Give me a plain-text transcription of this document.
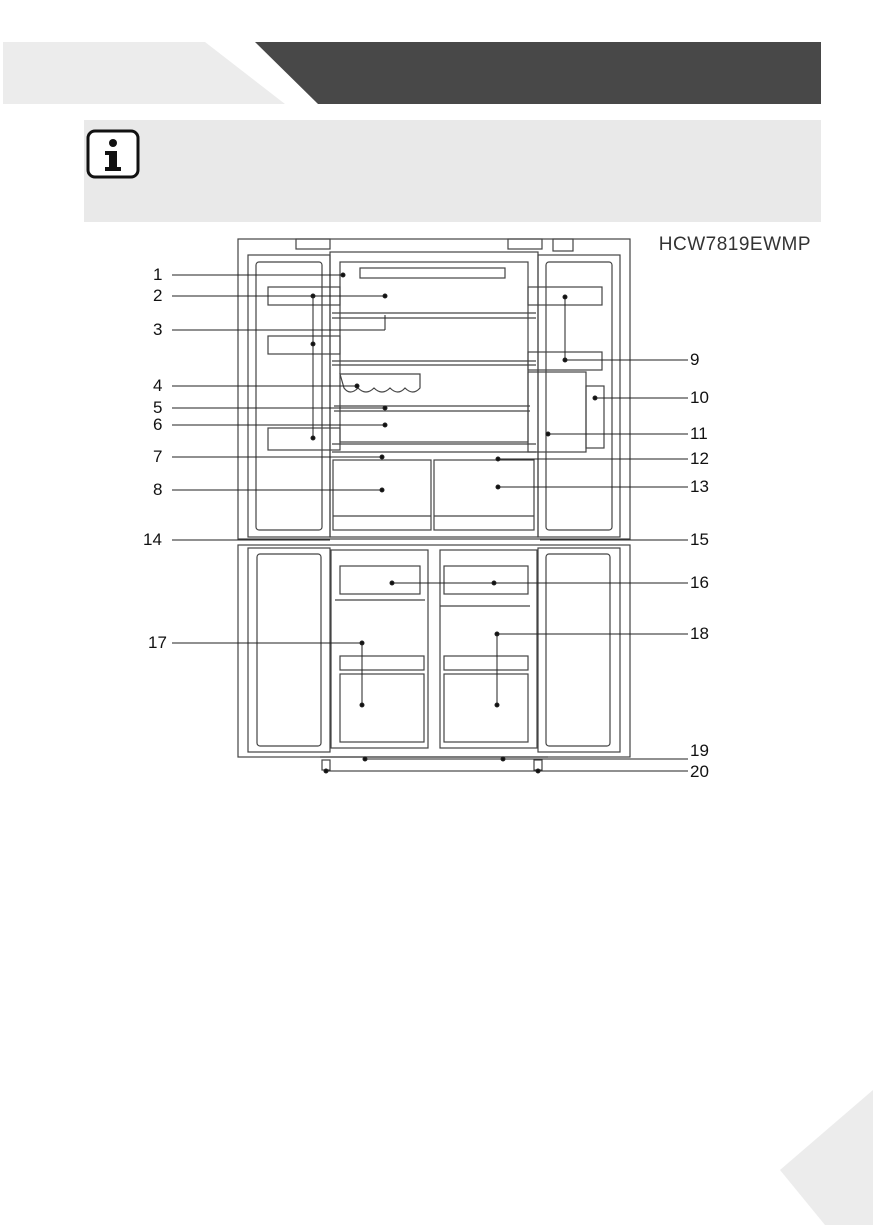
HCW7819EWMP
1
2
3
4
5
6
7
8
14
17
9
10
11
12
13
15
16
18
19
20
